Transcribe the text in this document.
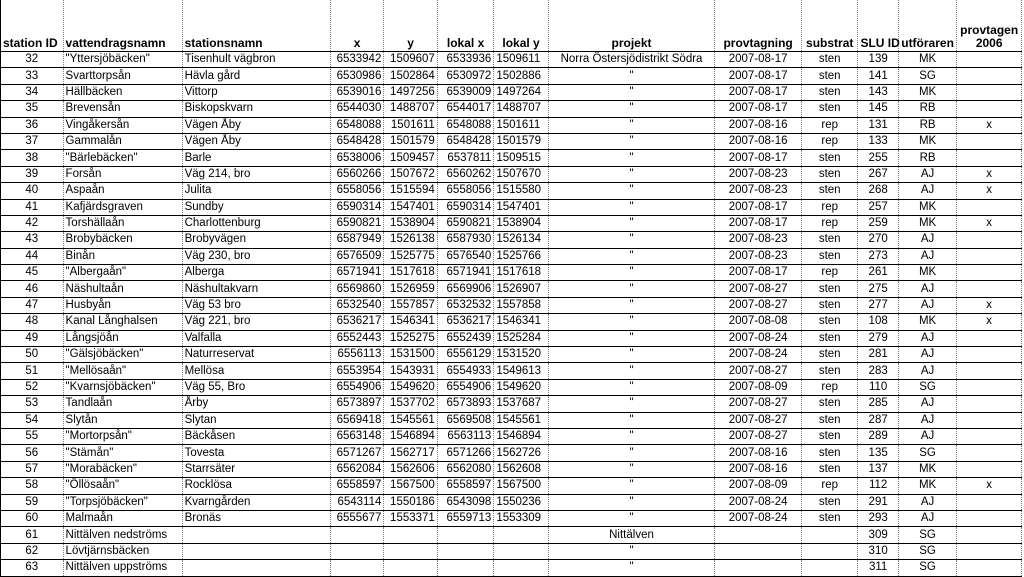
station ID	vattendragsnamn	stationsnamn	x	y	lokal x	lokal y	projekt	provtagning	substrat	SLU ID	utföraren	provtagen
2006

32	"Yttersjöbäcken"	Tisenhult vägbron	6533942	1509607	6533936	1509611	Norra Östersjödistrikt Södra	2007-08-17	sten	139	MK	
33	Svarttorpsån	Hävla gård	6530986	1502864	6530972	1502886	"	2007-08-17	sten	141	SG	
34	Hällbäcken	Vittorp	6539016	1497256	6539009	1497264	"	2007-08-17	sten	143	MK	
35	Brevensån	Biskopskvarn	6544030	1488707	6544017	1488707	"	2007-08-17	sten	145	RB	
36	Vingåkersån	Vägen Åby	6548088	1501611	6548088	1501611	"	2007-08-16	rep	131	RB	x
37	Gammalån	Vägen Åby	6548428	1501579	6548428	1501579	"	2007-08-16	rep	133	MK	
38	"Bärlebäcken"	Barle	6538006	1509457	6537811	1509515	"	2007-08-17	sten	255	RB	
39	Forsån	Väg 214, bro	6560266	1507672	6560262	1507670	"	2007-08-23	sten	267	AJ	x
40	Aspaån	Julita	6558056	1515594	6558056	1515580	"	2007-08-23	sten	268	AJ	x
41	Kafjärdsgraven	Sundby	6590314	1547401	6590314	1547401	"	2007-08-17	rep	257	MK	
42	Torshällaån	Charlottenburg	6590821	1538904	6590821	1538904	"	2007-08-17	rep	259	MK	x
43	Brobybäcken	Brobyvägen	6587949	1526138	6587930	1526134	"	2007-08-23	sten	270	AJ	
44	Binån	Väg 230, bro	6576509	1525775	6576540	1525766	"	2007-08-23	sten	273	AJ	
45	"Albergaån"	Alberga	6571941	1517618	6571941	1517618	"	2007-08-17	rep	261	MK	
46	Näshultaån	Näshultakvarn	6569860	1526959	6569906	1526907	"	2007-08-27	sten	275	AJ	
47	Husbyån	Väg 53 bro	6532540	1557857	6532532	1557858	"	2007-08-27	sten	277	AJ	x
48	Kanal Långhalsen	Väg 221, bro	6536217	1546341	6536217	1546341	"	2007-08-08	sten	108	MK	x
49	Långsjöån	Valfalla	6552443	1525275	6552439	1525284	"	2007-08-24	sten	279	AJ	
50	"Gälsjöbäcken"	Naturreservat	6556113	1531500	6556129	1531520	"	2007-08-24	sten	281	AJ	
51	"Mellösaån"	Mellösa	6553954	1543931	6554933	1549613	"	2007-08-27	sten	283	AJ	
52	"Kvarnsjöbäcken"	Väg 55, Bro	6554906	1549620	6554906	1549620	"	2007-08-09	rep	110	SG	
53	Tandlaån	Årby	6573897	1537702	6573893	1537687	"	2007-08-27	sten	285	AJ	
54	Slytån	Slytan	6569418	1545561	6569508	1545561	"	2007-08-27	sten	287	AJ	
55	"Mortorpsån"	Bäckåsen	6563148	1546894	6563113	1546894	"	2007-08-27	sten	289	AJ	
56	"Stämån"	Tovesta	6571267	1562717	6571266	1562726	"	2007-08-16	sten	135	SG	
57	"Morabäcken"	Starrsäter	6562084	1562606	6562080	1562608	"	2007-08-16	sten	137	MK	
58	"Öllösaån"	Rocklösa	6558597	1567500	6558597	1567500	"	2007-08-09	rep	112	MK	x
59	"Torpsjöbäcken"	Kvarngården	6543114	1550186	6543098	1550236	"	2007-08-24	sten	291	AJ	
60	Malmaån	Bronäs	6555677	1553371	6559713	1553309	"	2007-08-24	sten	293	AJ	
61	Nittälven nedströms						Nittälven			309	SG	
62	Lövtjärnsbäcken						"			310	SG	
63	Nittälven uppströms						"			311	SG	
